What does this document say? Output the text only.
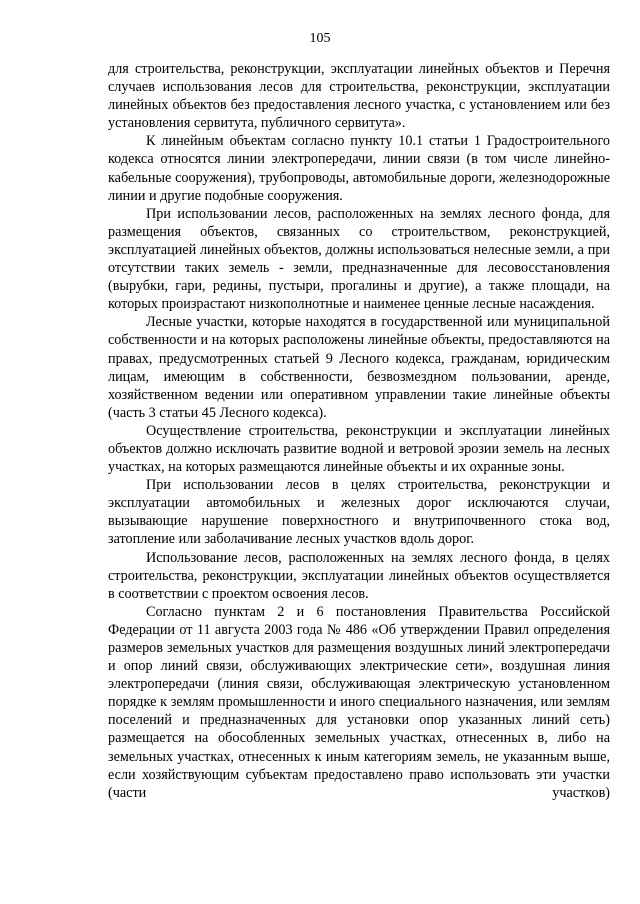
105

для строительства, реконструкции, эксплуатации линейных объектов и Перечня случаев использования лесов для строительства, реконструкции, эксплуатации линейных объектов без предоставления лесного участка, с установлением или без установления сервитута, публичного сервитута».

К линейным объектам согласно пункту 10.1 статьи 1 Градостроительного кодекса относятся линии электропередачи, линии связи (в том числе линейно-кабельные сооружения), трубопроводы, автомобильные дороги, железнодорожные линии и другие подобные сооружения.

При использовании лесов, расположенных на землях лесного фонда, для размещения объектов, связанных со строительством, реконструкцией, эксплуатацией линейных объектов, должны использоваться нелесные земли, а при отсутствии таких земель - земли, предназначенные для лесовосстановления (вырубки, гари, редины, пустыри, прогалины и другие), а также площади, на которых произрастают низкополнотные и наименее ценные лесные насаждения.

Лесные участки, которые находятся в государственной или муниципальной собственности и на которых расположены линейные объекты, предоставляются на правах, предусмотренных статьей 9 Лесного кодекса, гражданам, юридическим лицам, имеющим в собственности, безвозмездном пользовании, аренде, хозяйственном ведении или оперативном управлении такие линейные объекты (часть 3 статьи 45 Лесного кодекса).

Осуществление строительства, реконструкции и эксплуатации линейных объектов должно исключать развитие водной и ветровой эрозии земель на лесных участках, на которых размещаются линейные объекты и их охранные зоны.

При использовании лесов в целях строительства, реконструкции и эксплуатации автомобильных и железных дорог исключаются случаи, вызывающие нарушение поверхностного и внутрипочвенного стока вод, затопление или заболачивание лесных участков вдоль дорог.

Использование лесов, расположенных на землях лесного фонда, в целях строительства, реконструкции, эксплуатации линейных объектов осуществляется в соответствии с проектом освоения лесов.

Согласно пунктам 2 и 6 постановления Правительства Российской Федерации от 11 августа 2003 года № 486 «Об утверждении Правил определения размеров земельных участков для размещения воздушных линий электропередачи и опор линий связи, обслуживающих электрические сети», воздушная линия электропередачи (линия связи, обслуживающая электрическую установленном порядке к землям промышленности и иного специального назначения, или землям поселений и предназначенных для установки опор указанных линий сеть) размещается на обособленных земельных участках, отнесенных в, либо на земельных участках, отнесенных к иным категориям земель, не указанным выше, если хозяйствующим субъектам предоставлено право использовать эти участки (части участков)
